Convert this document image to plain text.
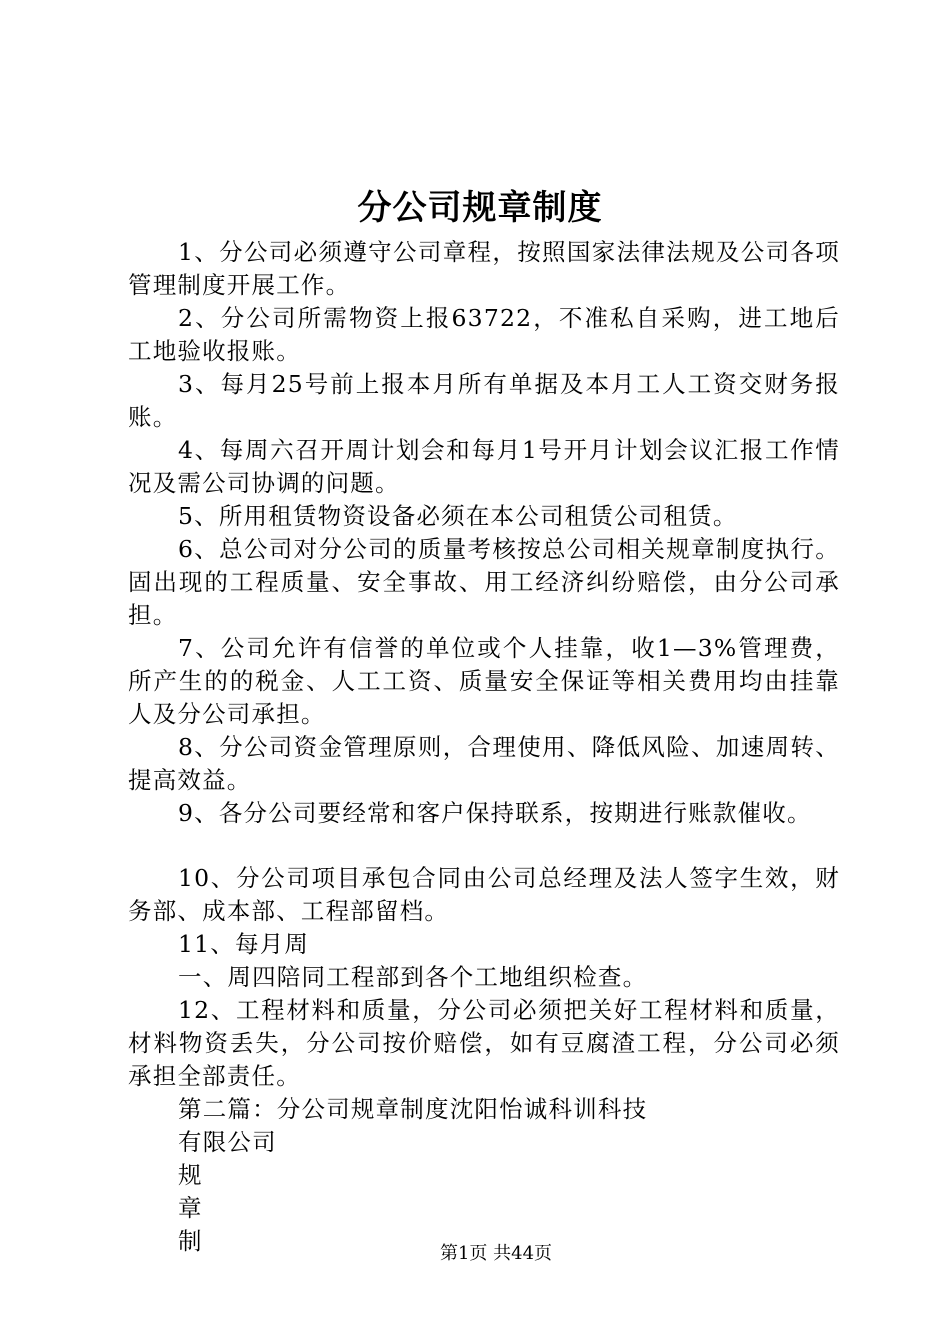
分公司规章制度

1、分公司必须遵守公司章程，按照国家法律法规及公司各项管理制度开展工作。

2、分公司所需物资上报63722，不准私自采购，进工地后工地验收报账。

3、每月25号前上报本月所有单据及本月工人工资交财务报账。

4、每周六召开周计划会和每月1号开月计划会议汇报工作情况及需公司协调的问题。

5、所用租赁物资设备必须在本公司租赁公司租赁。

6、总公司对分公司的质量考核按总公司相关规章制度执行。固出现的工程质量、安全事故、用工经济纠纷赔偿，由分公司承担。

7、公司允许有信誉的单位或个人挂靠，收1—3%管理费，所产生的的税金、人工工资、质量安全保证等相关费用均由挂靠人及分公司承担。

8、分公司资金管理原则，合理使用、降低风险、加速周转、提高效益。

9、各分公司要经常和客户保持联系，按期进行账款催收。

10、分公司项目承包合同由公司总经理及法人签字生效，财务部、成本部、工程部留档。

11、每月周

一、周四陪同工程部到各个工地组织检查。

12、工程材料和质量，分公司必须把关好工程材料和质量，材料物资丢失，分公司按价赔偿，如有豆腐渣工程，分公司必须承担全部责任。

第二篇：分公司规章制度沈阳怡诚科训科技

有限公司

规

章

制	第1页 共44页
